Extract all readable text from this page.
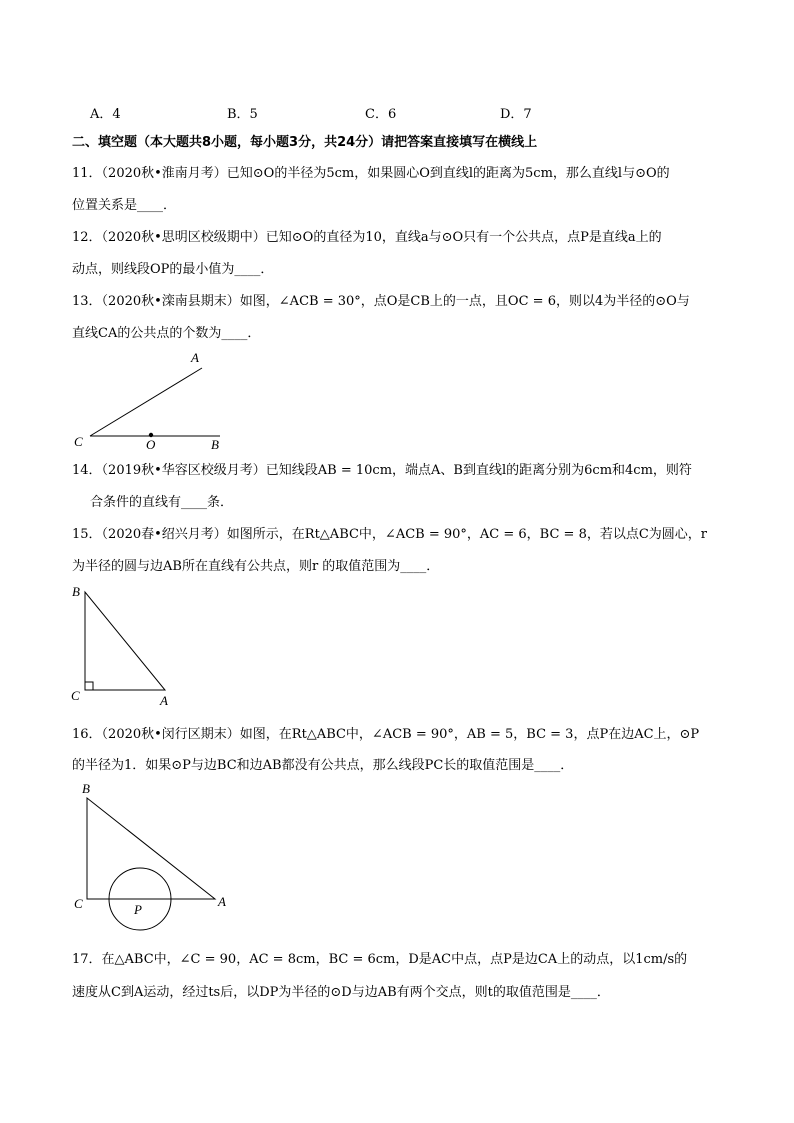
A．4	B．5	C．6	D．7
二、填空题（本大题共8小题，每小题3分，共24分）请把答案直接填写在横线上
11．（2020秋•淮南月考）已知⊙O的半径为5cm，如果圆心O到直线l的距离为5cm，那么直线l与⊙O的
位置关系是____．
12．（2020秋•思明区校级期中）已知⊙O的直径为10，直线a与⊙O只有一个公共点，点P是直线a上的
动点，则线段OP的最小值为____．
13．（2020秋•滦南县期末）如图，∠ACB = 30°，点O是CB上的一点，且OC = 6，则以4为半径的⊙O与
直线CA的公共点的个数为____．
A
C	O	B
14．（2019秋•华容区校级月考）已知线段AB = 10cm，端点A、B到直线l的距离分别为6cm和4cm，则符
合条件的直线有____条．
15．（2020春•绍兴月考）如图所示，在Rt△ABC中，∠ACB = 90°，AC = 6，BC = 8，若以点C为圆心，r
为半径的圆与边AB所在直线有公共点，则r 的取值范围为____．
B
C	A
16．（2020秋•闵行区期末）如图，在Rt△ABC中，∠ACB = 90°，AB = 5，BC = 3，点P在边AC上，⊙P
的半径为1．如果⊙P与边BC和边AB都没有公共点，那么线段PC长的取值范围是____．
B
C	P
A
17．在△ABC中，∠C = 90，AC = 8cm，BC = 6cm，D是AC中点，点P是边CA上的动点，以1cm/s的
速度从C到A运动，经过ts后，以DP为半径的⊙D与边AB有两个交点，则t的取值范围是____．
